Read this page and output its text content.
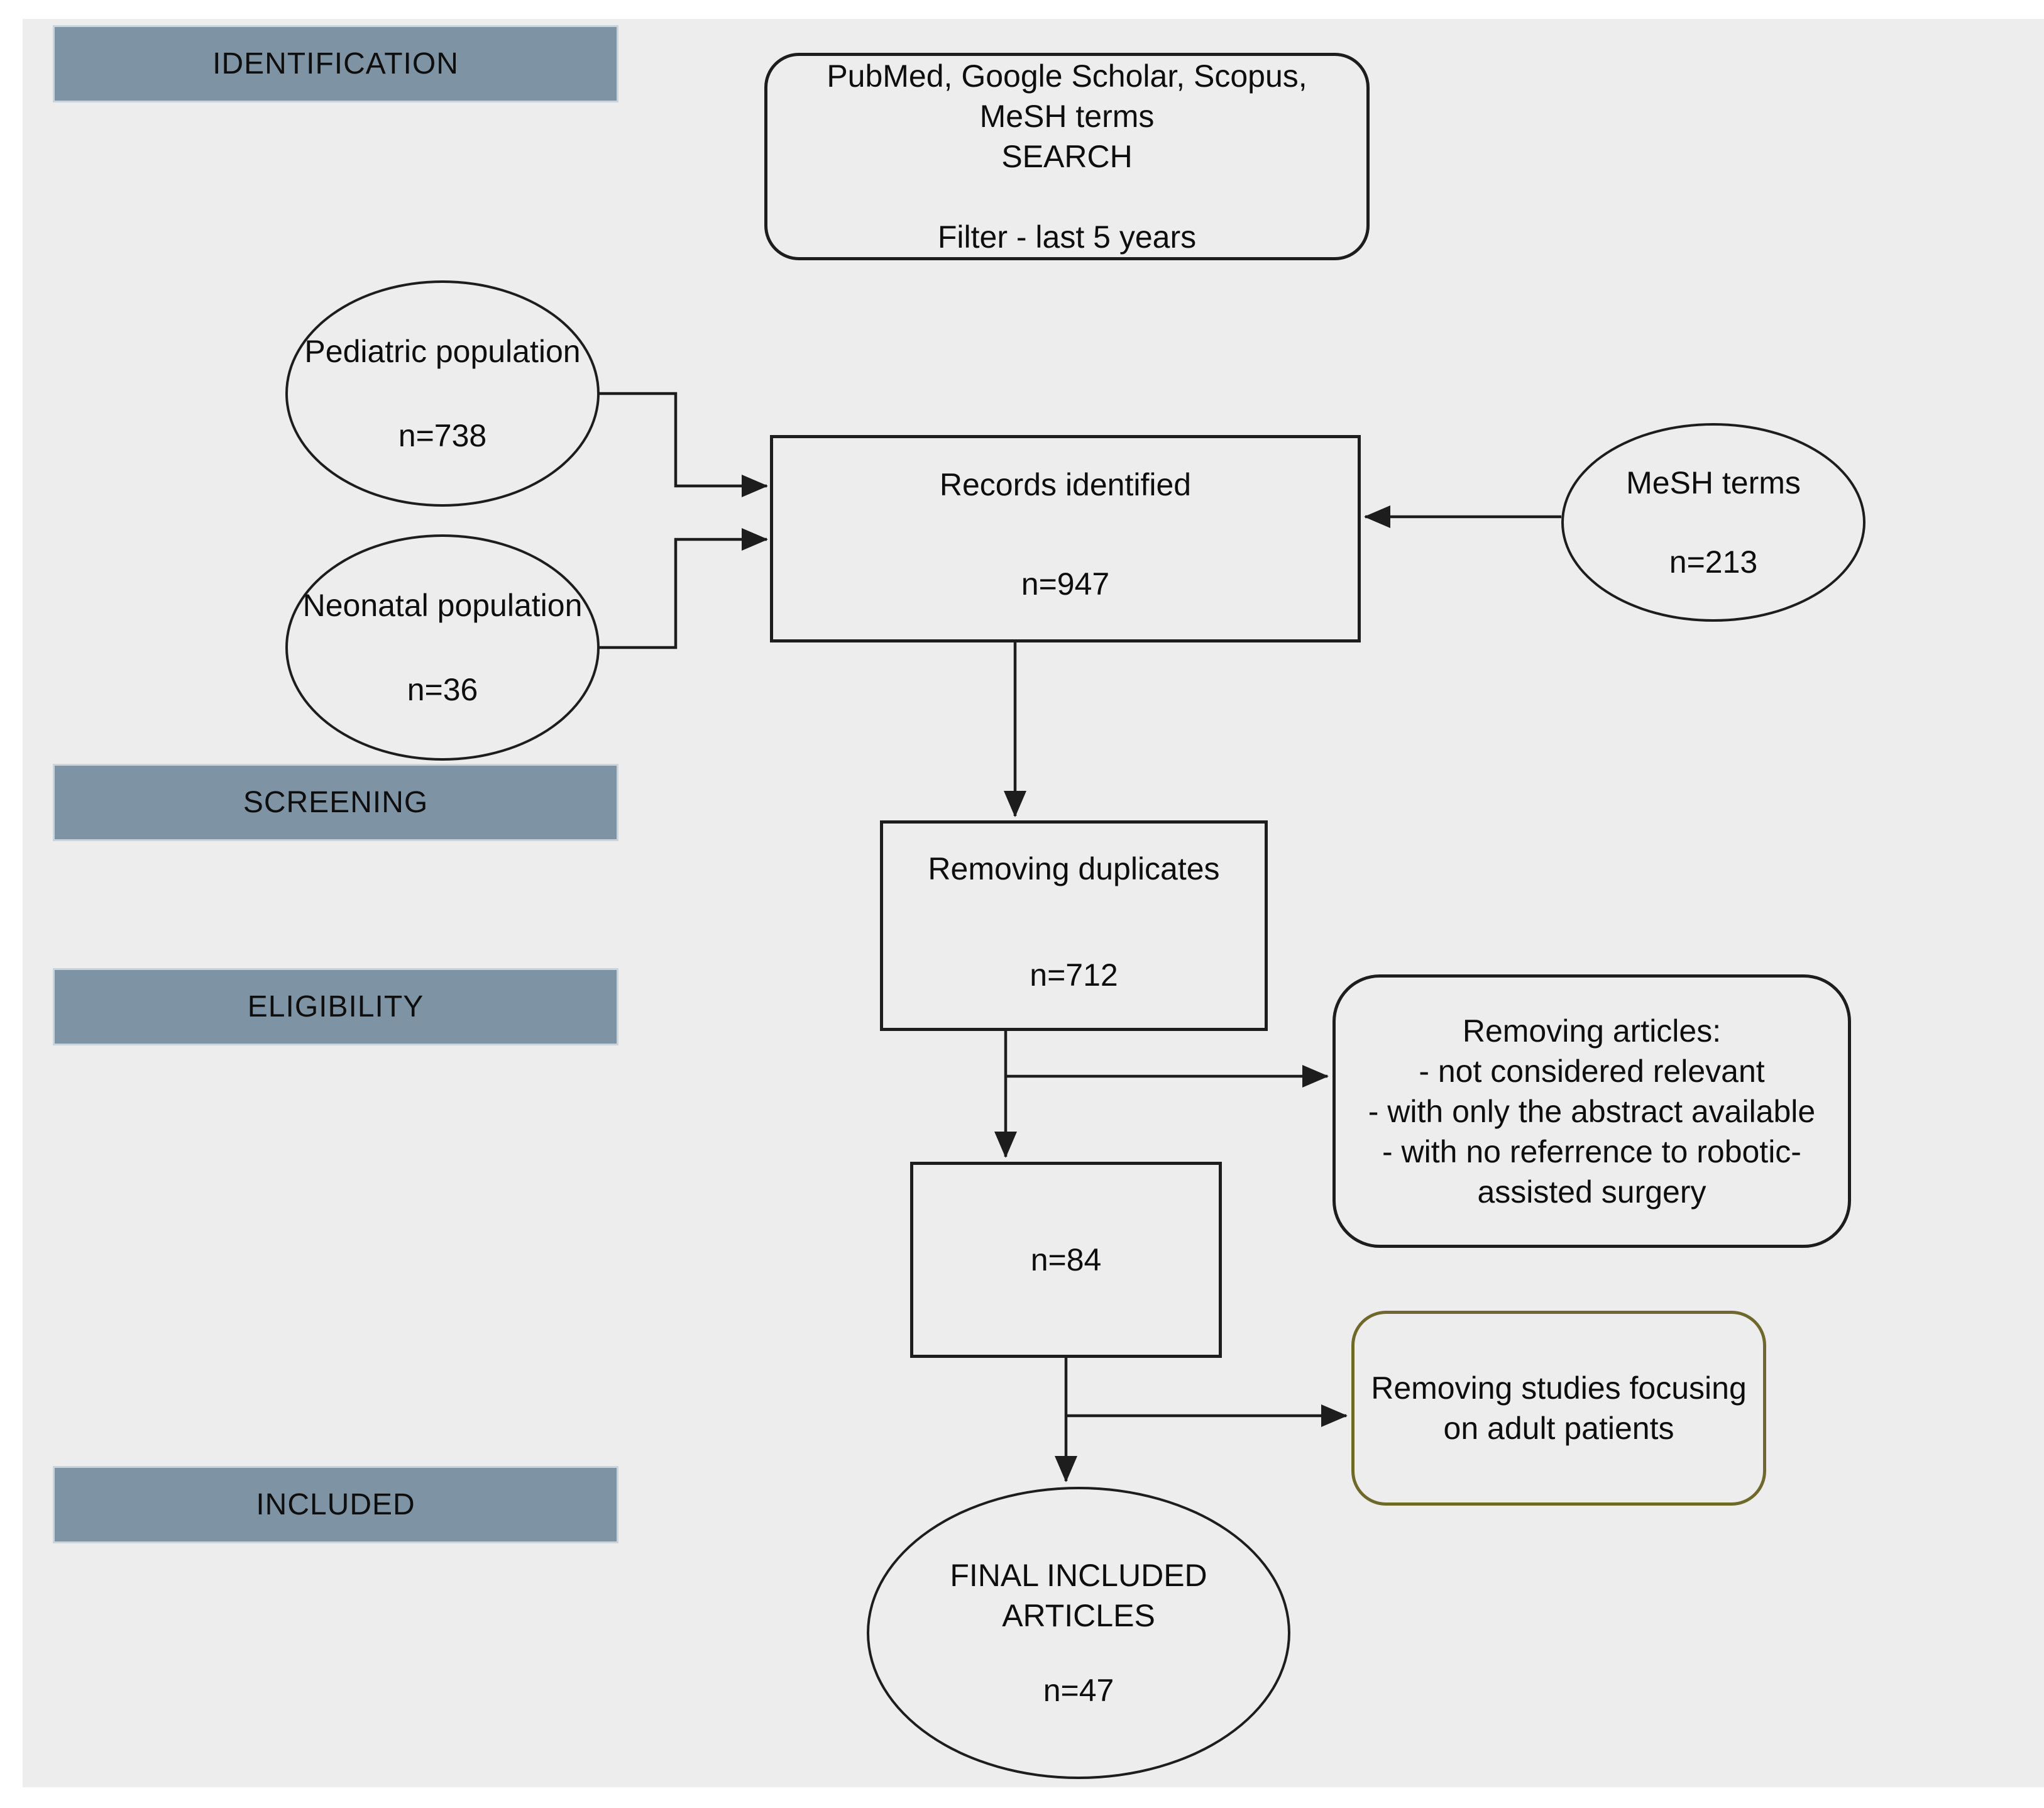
IDENTIFICATION
SCREENING
ELIGIBILITY
INCLUDED
PubMed, Google Scholar, Scopus,
MeSH terms
SEARCH
Filter - last 5 years
Pediatric population
n=738
Neonatal population
n=36
MeSH terms
n=213
Records identified
n=947
Removing duplicates
n=712
Removing articles:
- not considered relevant
- with only the abstract available
- with no referrence to robotic-
assisted surgery
n=84
Removing studies focusing
on adult patients
FINAL INCLUDED
ARTICLES
n=47
